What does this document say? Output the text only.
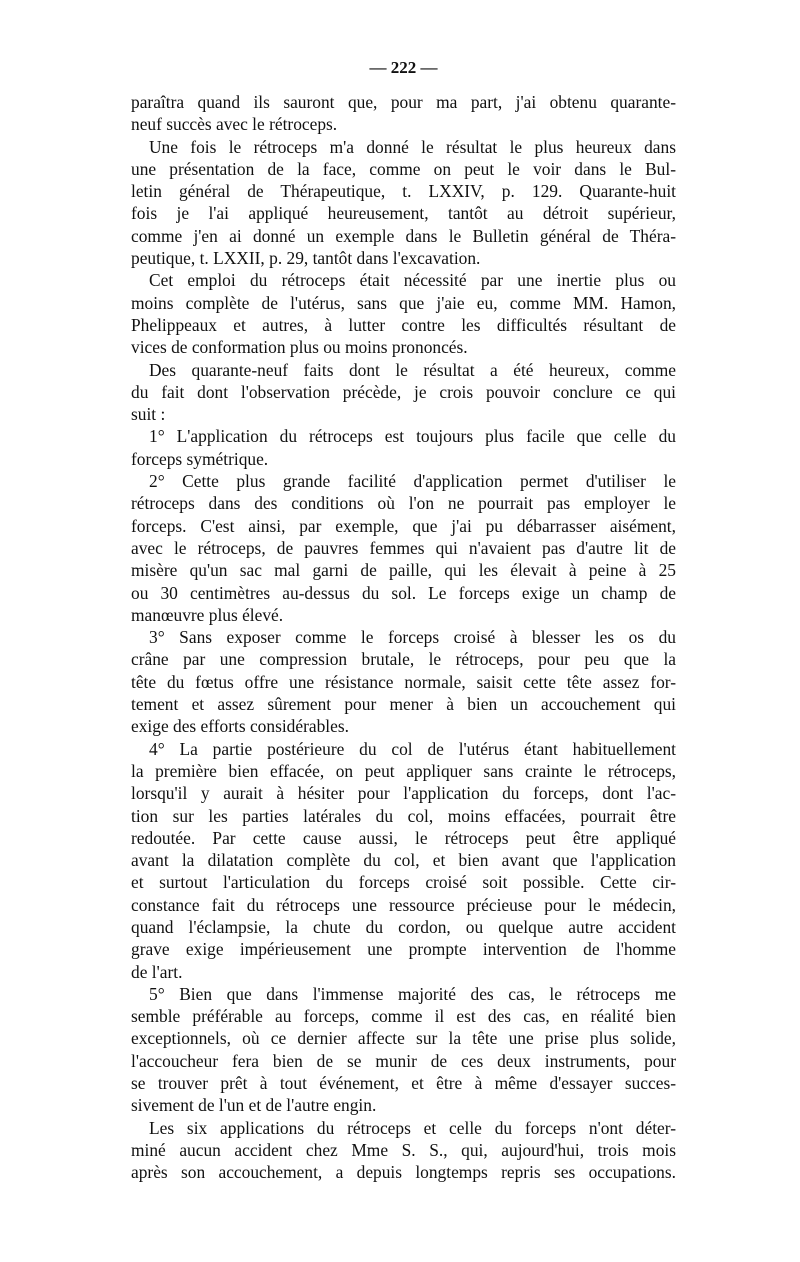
— 222 —
paraîtra quand ils sauront que, pour ma part, j'ai obtenu quarante-
neuf succès avec le rétroceps.
Une fois le rétroceps m'a donné le résultat le plus heureux dans
une présentation de la face, comme on peut le voir dans le Bul-
letin général de Thérapeutique, t. LXXIV, p. 129. Quarante-huit
fois je l'ai appliqué heureusement, tantôt au détroit supérieur,
comme j'en ai donné un exemple dans le Bulletin général de Théra-
peutique, t. LXXII, p. 29, tantôt dans l'excavation.
Cet emploi du rétroceps était nécessité par une inertie plus ou
moins complète de l'utérus, sans que j'aie eu, comme MM. Hamon,
Phelippeaux et autres, à lutter contre les difficultés résultant de
vices de conformation plus ou moins prononcés.
Des quarante-neuf faits dont le résultat a été heureux, comme
du fait dont l'observation précède, je crois pouvoir conclure ce qui
suit :
1° L'application du rétroceps est toujours plus facile que celle du
forceps symétrique.
2° Cette plus grande facilité d'application permet d'utiliser le
rétroceps dans des conditions où l'on ne pourrait pas employer le
forceps. C'est ainsi, par exemple, que j'ai pu débarrasser aisément,
avec le rétroceps, de pauvres femmes qui n'avaient pas d'autre lit de
misère qu'un sac mal garni de paille, qui les élevait à peine à 25
ou 30 centimètres au-dessus du sol. Le forceps exige un champ de
manœuvre plus élevé.
3° Sans exposer comme le forceps croisé à blesser les os du
crâne par une compression brutale, le rétroceps, pour peu que la
tête du fœtus offre une résistance normale, saisit cette tête assez for-
tement et assez sûrement pour mener à bien un accouchement qui
exige des efforts considérables.
4° La partie postérieure du col de l'utérus étant habituellement
la première bien effacée, on peut appliquer sans crainte le rétroceps,
lorsqu'il y aurait à hésiter pour l'application du forceps, dont l'ac-
tion sur les parties latérales du col, moins effacées, pourrait être
redoutée. Par cette cause aussi, le rétroceps peut être appliqué
avant la dilatation complète du col, et bien avant que l'application
et surtout l'articulation du forceps croisé soit possible. Cette cir-
constance fait du rétroceps une ressource précieuse pour le médecin,
quand l'éclampsie, la chute du cordon, ou quelque autre accident
grave exige impérieusement une prompte intervention de l'homme
de l'art.
5° Bien que dans l'immense majorité des cas, le rétroceps me
semble préférable au forceps, comme il est des cas, en réalité bien
exceptionnels, où ce dernier affecte sur la tête une prise plus solide,
l'accoucheur fera bien de se munir de ces deux instruments, pour
se trouver prêt à tout événement, et être à même d'essayer succes-
sivement de l'un et de l'autre engin.
Les six applications du rétroceps et celle du forceps n'ont déter-
miné aucun accident chez Mme S. S., qui, aujourd'hui, trois mois
après son accouchement, a depuis longtemps repris ses occupations.
